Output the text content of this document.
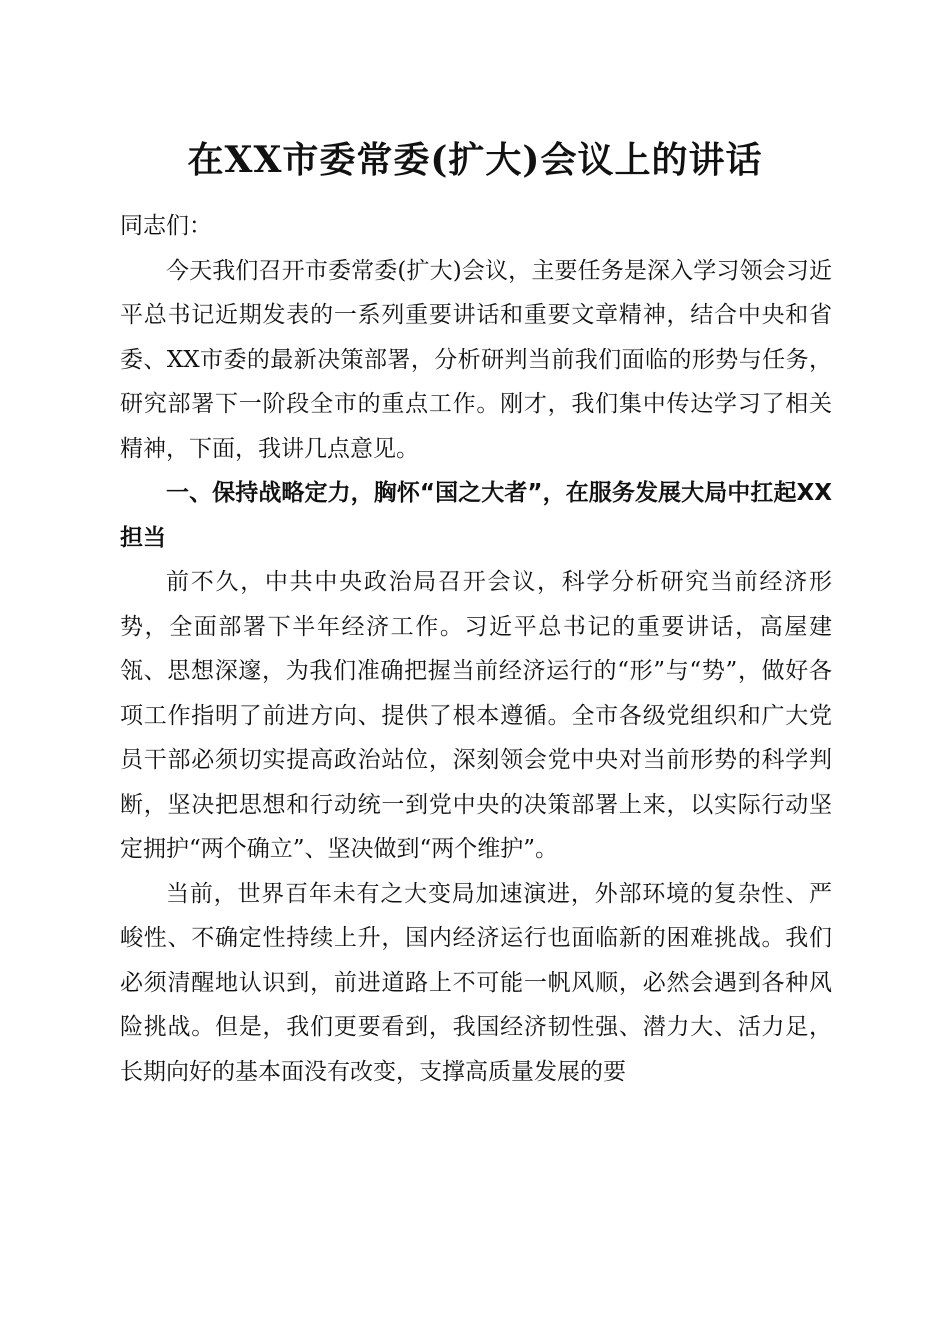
在XX市委常委(扩大)会议上的讲话

同志们：

今天我们召开市委常委(扩大)会议，主要任务是深入学习领会习近平总书记近期发表的一系列重要讲话和重要文章精神，结合中央和省委、XX市委的最新决策部署，分析研判当前我们面临的形势与任务，研究部署下一阶段全市的重点工作。刚才，我们集中传达学习了相关精神，下面，我讲几点意见。

一、保持战略定力，胸怀“国之大者”，在服务发展大局中扛起XX担当

前不久，中共中央政治局召开会议，科学分析研究当前经济形势，全面部署下半年经济工作。习近平总书记的重要讲话，高屋建瓴、思想深邃，为我们准确把握当前经济运行的“形”与“势”，做好各项工作指明了前进方向、提供了根本遵循。全市各级党组织和广大党员干部必须切实提高政治站位，深刻领会党中央对当前形势的科学判断，坚决把思想和行动统一到党中央的决策部署上来，以实际行动坚定拥护“两个确立”、坚决做到“两个维护”。

当前，世界百年未有之大变局加速演进，外部环境的复杂性、严峻性、不确定性持续上升，国内经济运行也面临新的困难挑战。我们必须清醒地认识到，前进道路上不可能一帆风顺，必然会遇到各种风险挑战。但是，我们更要看到，我国经济韧性强、潜力大、活力足，长期向好的基本面没有改变，支撑高质量发展的要
